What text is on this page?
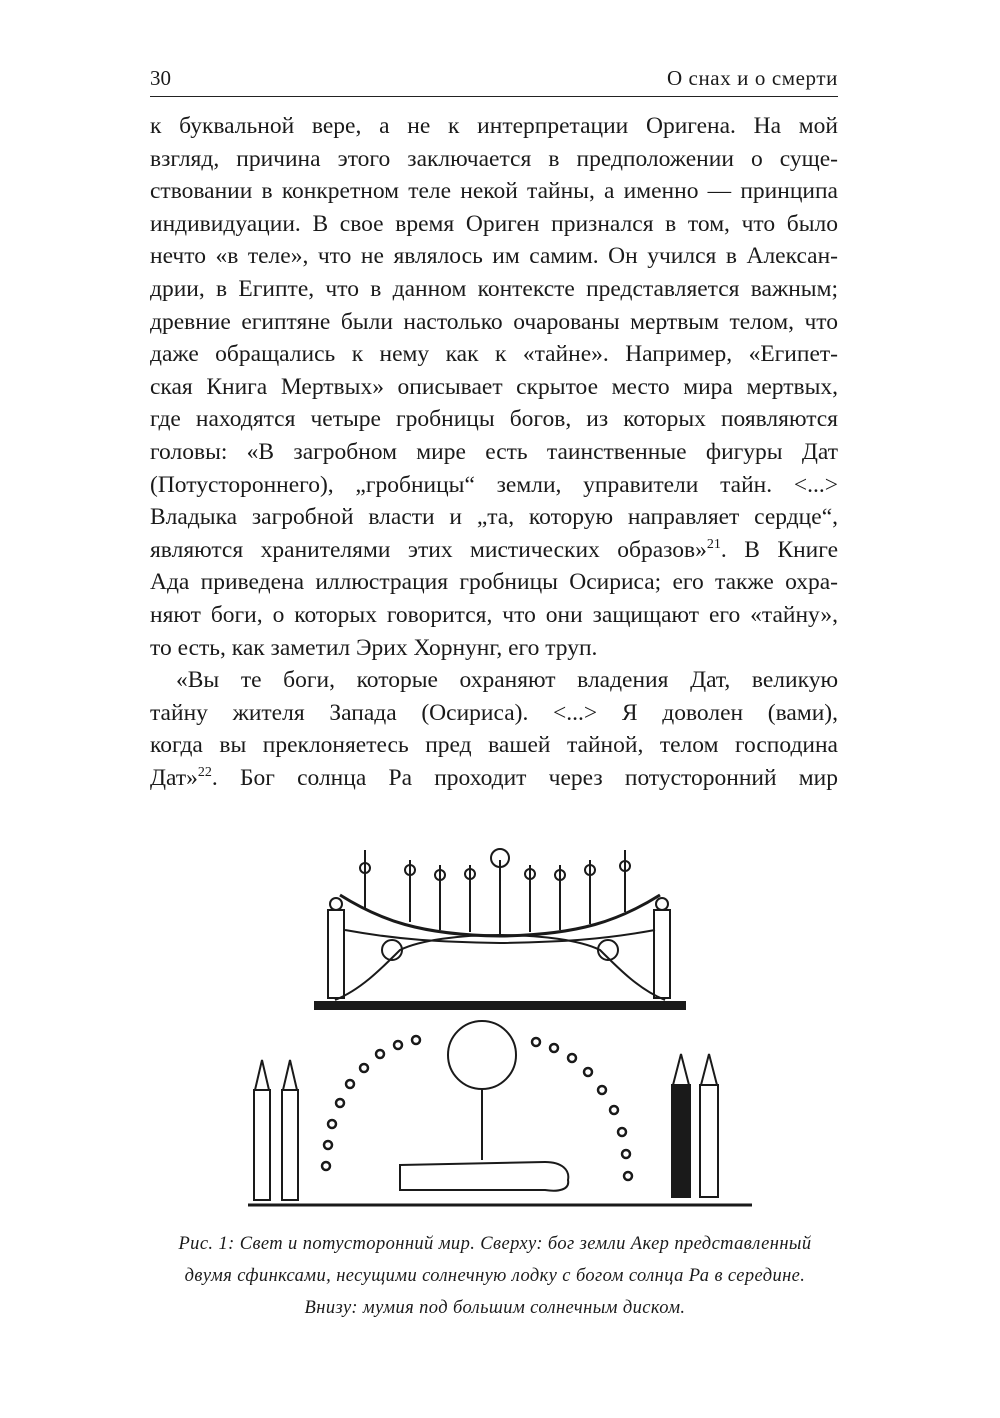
30	О снах и о смерти
к буквальной вере, а не к интерпретации Оригена. На мой
взгляд, причина этого заключается в предположении о суще-
ствовании в конкретном теле некой тайны, а именно — принципа
индивидуации. В свое время Ориген признался в том, что было
нечто «в теле», что не являлось им самим. Он учился в Алексан-
дрии, в Египте, что в данном контексте представляется важным;
древние египтяне были настолько очарованы мертвым телом, что
даже обращались к нему как к «тайне». Например, «Египет-
ская Книга Мертвых» описывает скрытое место мира мертвых,
где находятся четыре гробницы богов, из которых появляются
головы: «В загробном мире есть таинственные фигуры Дат
(Потустороннего), „гробницы“ земли, управители тайн. <...>
Владыка загробной власти и „та, которую направляет сердце“,
являются хранителями этих мистических образов»$^{21}$. В Книге
Ада приведена иллюстрация гробницы Осириса; его также охра-
няют боги, о которых говорится, что они защищают его «тайну»,
то есть, как заметил Эрих Хорнунг, его труп.
«Вы те боги, которые охраняют владения Дат, великую
тайну жителя Запада (Осириса). <...> Я доволен (вами),
когда вы преклоняетесь пред вашей тайной, телом господина
Дат»$^{22}$. Бог солнца Ра проходит через потусторонний мир
Рис. 1: Свет и потусторонний мир. Сверху: бог земли Акер представленный
двумя сфинксами, несущими солнечную лодку с богом солнца Ра в середине.
Внизу: мумия под большим солнечным диском.
